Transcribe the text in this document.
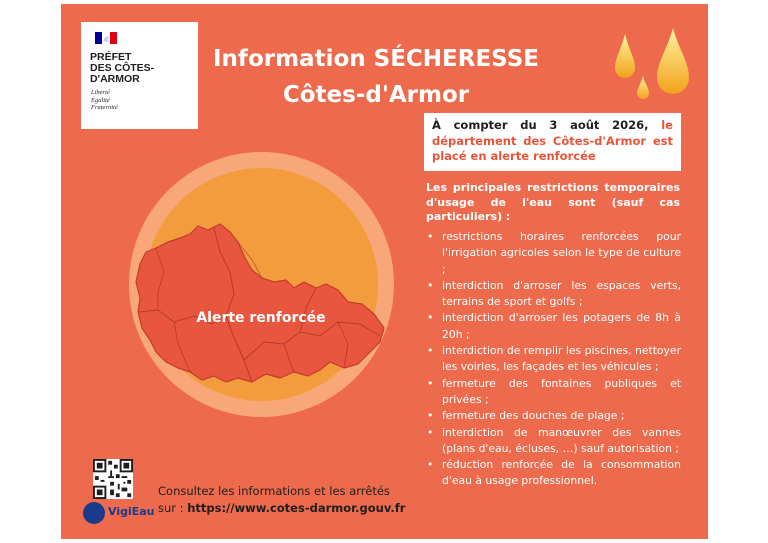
PRÉFET
DES CÔTES-
D'ARMOR
Liberté
Égalité
Fraternité
Information SÉCHERESSE
Côtes-d'Armor
À compter du 3 août 2026, le département des Côtes-d'Armor est placé en alerte renforcée
Les principales restrictions temporaires d'usage de l'eau sont (sauf cas particuliers) :
• restrictions horaires renforcées pour l'irrigation agricoles selon le type de culture ;
• interdiction d'arroser les espaces verts, terrains de sport et golfs ;
• interdiction d'arroser les potagers de 8h à 20h ;
• interdiction de remplir les piscines, nettoyer les voiries, les façades et les véhicules ;
• fermeture des fontaines publiques et privées ;
• fermeture des douches de plage ;
• interdiction de manœuvrer des vannes (plans d'eau, écluses, …) sauf autorisation ;
• réduction renforcée de la consommation d'eau à usage professionnel.
Alerte renforcée
VigiEau
Consultez les informations et les arrêtés
sur : https://www.cotes-darmor.gouv.fr
